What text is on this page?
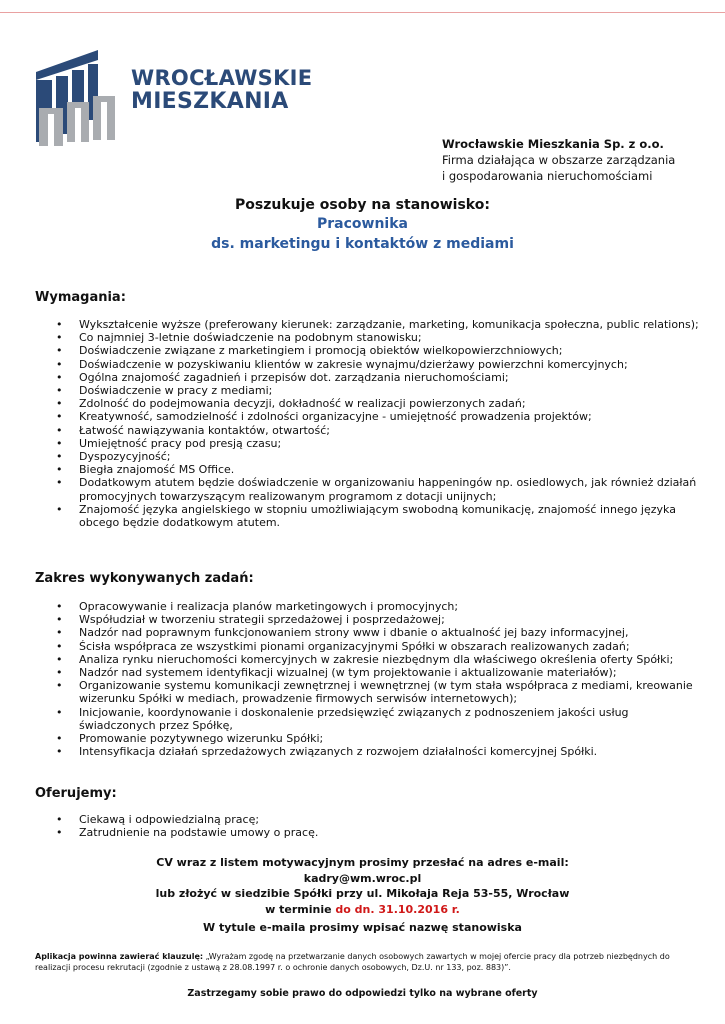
WROCŁAWSKIE
MIESZKANIA
Wrocławskie Mieszkania Sp. z o.o.
Firma działająca w obszarze zarządzania
i gospodarowania nieruchomościami
Poszukuje osoby na stanowisko:
Pracownika
ds. marketingu i kontaktów z mediami
Wymagania:
• Wykształcenie wyższe (preferowany kierunek: zarządzanie, marketing, komunikacja społeczna, public relations);
• Co najmniej 3-letnie doświadczenie na podobnym stanowisku;
• Doświadczenie związane z marketingiem i promocją obiektów wielkopowierzchniowych;
• Doświadczenie w pozyskiwaniu klientów w zakresie wynajmu/dzierżawy powierzchni komercyjnych;
• Ogólna znajomość zagadnień i przepisów dot. zarządzania nieruchomościami;
• Doświadczenie w pracy z mediami;
• Zdolność do podejmowania decyzji, dokładność w realizacji powierzonych zadań;
• Kreatywność, samodzielność i zdolności organizacyjne - umiejętność prowadzenia projektów;
• Łatwość nawiązywania kontaktów, otwartość;
• Umiejętność pracy pod presją czasu;
• Dyspozycyjność;
• Biegła znajomość MS Office.
• Dodatkowym atutem będzie doświadczenie w organizowaniu happeningów np. osiedlowych, jak również działań promocyjnych towarzyszącym realizowanym programom z dotacji unijnych;
• Znajomość języka angielskiego w stopniu umożliwiającym swobodną komunikację, znajomość innego języka obcego będzie dodatkowym atutem.
Zakres wykonywanych zadań:
• Opracowywanie i realizacja planów marketingowych i promocyjnych;
• Współudział w tworzeniu strategii sprzedażowej i posprzedażowej;
• Nadzór nad poprawnym funkcjonowaniem strony www i dbanie o aktualność jej bazy informacyjnej,
• Ścisła współpraca ze wszystkimi pionami organizacyjnymi Spółki w obszarach realizowanych zadań;
• Analiza rynku nieruchomości komercyjnych w zakresie niezbędnym dla właściwego określenia oferty Spółki;
• Nadzór nad systemem identyfikacji wizualnej (w tym projektowanie i aktualizowanie materiałów);
• Organizowanie systemu komunikacji zewnętrznej i wewnętrznej (w tym stała współpraca z mediami, kreowanie wizerunku Spółki w mediach, prowadzenie firmowych serwisów internetowych);
• Inicjowanie, koordynowanie i doskonalenie przedsięwzięć związanych z podnoszeniem jakości usług świadczonych przez Spółkę,
• Promowanie pozytywnego wizerunku Spółki;
• Intensyfikacja działań sprzedażowych związanych z rozwojem działalności komercyjnej Spółki.
Oferujemy:
• Ciekawą i odpowiedzialną pracę;
• Zatrudnienie na podstawie umowy o pracę.
CV wraz z listem motywacyjnym prosimy przesłać na adres e-mail:
kadry@wm.wroc.pl
lub złożyć w siedzibie Spółki przy ul. Mikołaja Reja 53-55, Wrocław
w terminie do dn. 31.10.2016 r.
W tytule e-maila prosimy wpisać nazwę stanowiska
Aplikacja powinna zawierać klauzulę: „Wyrażam zgodę na przetwarzanie danych osobowych zawartych w mojej ofercie pracy dla potrzeb niezbędnych do realizacji procesu rekrutacji (zgodnie z ustawą z 28.08.1997 r. o ochronie danych osobowych, Dz.U. nr 133, poz. 883)”.
Zastrzegamy sobie prawo do odpowiedzi tylko na wybrane oferty
